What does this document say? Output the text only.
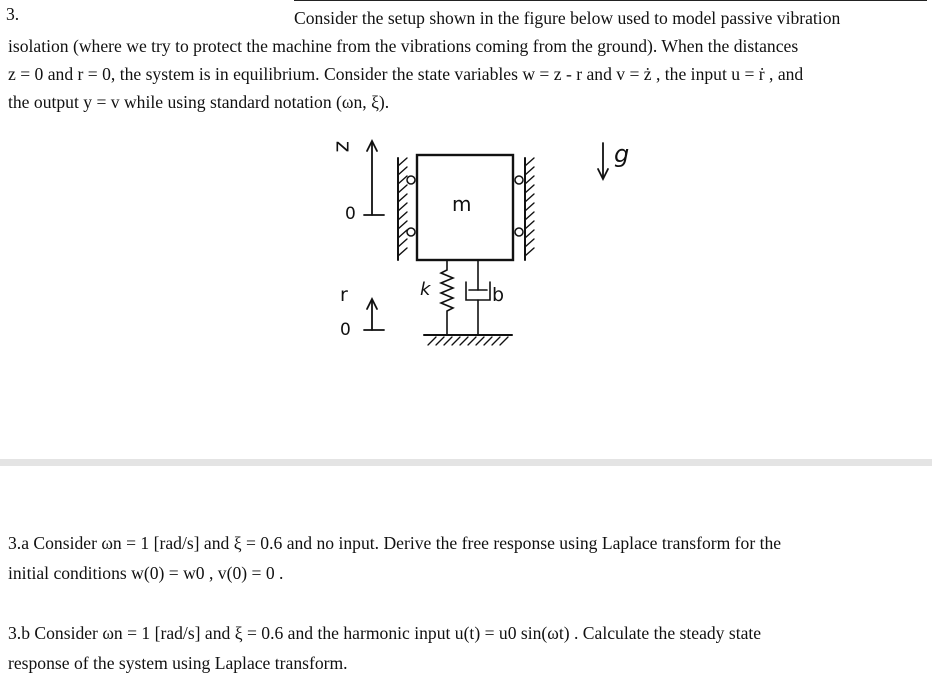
3.	Consider the setup shown in the figure below used to model passive vibration
isolation (where we try to protect the machine from the vibrations coming from the ground). When the distances
z = 0 and r = 0, the system is in equilibrium. Consider the state variables w = z - r and v = ż , the input u = ṙ , and
the output y = v while using standard notation (ωn, ξ).
z
0
r
0
m
k	b
g
3.a Consider ωn = 1 [rad/s] and ξ = 0.6 and no input. Derive the free response using Laplace transform for the
initial conditions w(0) = w0 , v(0) = 0 .
3.b Consider ωn = 1 [rad/s] and ξ = 0.6 and the harmonic input u(t) = u0 sin(ωt) . Calculate the steady state
response of the system using Laplace transform.
